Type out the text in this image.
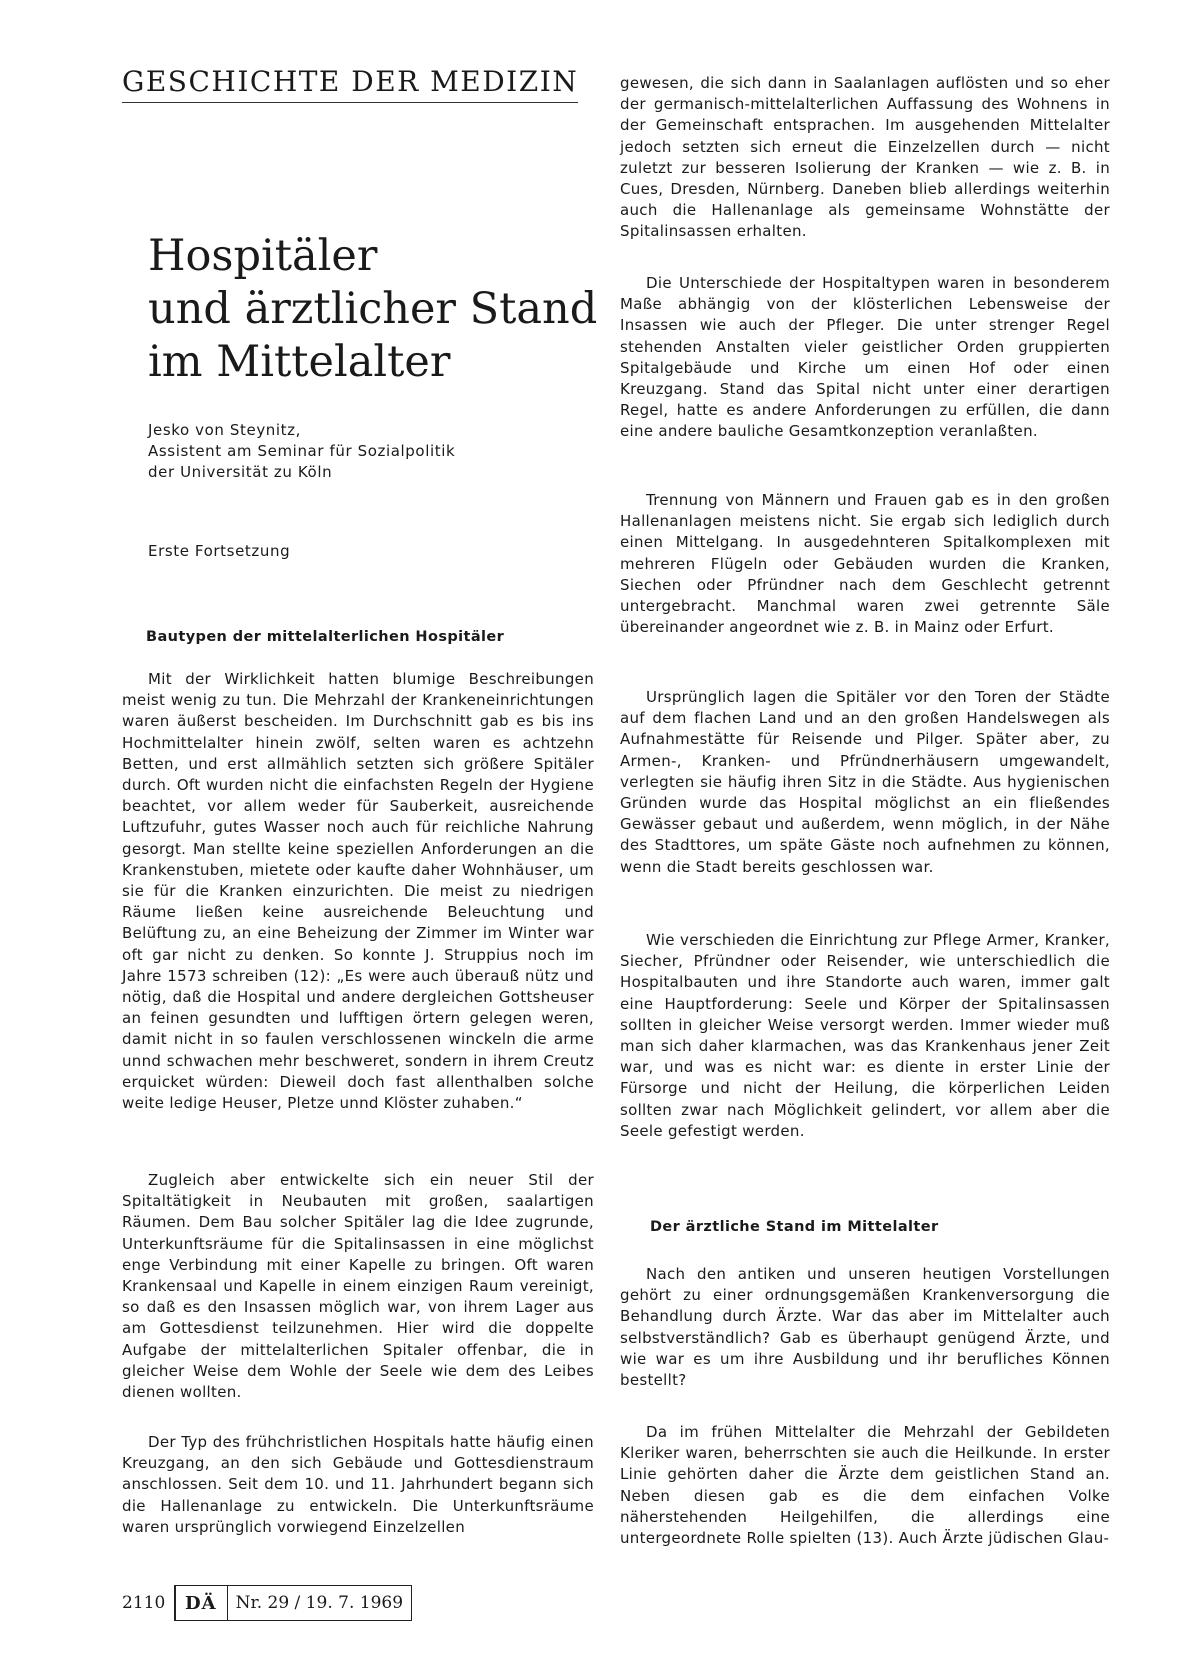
GESCHICHTE DER MEDIZIN
Hospitäler
und ärztlicher Stand
im Mittelalter
Jesko von Steynitz,
Assistent am Seminar für Sozialpolitik
der Universität zu Köln
Erste Fortsetzung
Bautypen der mittelalterlichen Hospitäler

Mit der Wirklichkeit hatten blumige Beschreibungen meist wenig zu tun. Die Mehrzahl der Krankeneinrichtungen waren äußerst bescheiden. Im Durchschnitt gab es bis ins Hochmittelalter hinein zwölf, selten waren es achtzehn Betten, und erst allmählich setzten sich größere Spitäler durch. Oft wurden nicht die einfachsten Regeln der Hygiene beachtet, vor allem weder für Sauberkeit, ausreichende Luftzufuhr, gutes Wasser noch auch für reichliche Nahrung gesorgt. Man stellte keine speziellen Anforderungen an die Krankenstuben, mietete oder kaufte daher Wohnhäuser, um sie für die Kranken einzurichten. Die meist zu niedrigen Räume ließen keine ausreichende Beleuchtung und Belüftung zu, an eine Beheizung der Zimmer im Winter war oft gar nicht zu denken. So konnte J. Struppius noch im Jahre 1573 schreiben (12): „Es were auch überauß nütz und nötig, daß die Hospital und andere dergleichen Gottsheuser an feinen gesundten und lufftigen örtern gelegen weren, damit nicht in so faulen verschlossenen winckeln die arme unnd schwachen mehr beschweret, sondern in ihrem Creutz erquicket würden: Dieweil doch fast allenthalben solche weite ledige Heuser, Pletze unnd Klöster zuhaben.“

Zugleich aber entwickelte sich ein neuer Stil der Spitaltätigkeit in Neubauten mit großen, saalartigen Räumen. Dem Bau solcher Spitäler lag die Idee zugrunde, Unterkunftsräume für die Spitalinsassen in eine möglichst enge Verbindung mit einer Kapelle zu bringen. Oft waren Krankensaal und Kapelle in einem einzigen Raum vereinigt, so daß es den Insassen möglich war, von ihrem Lager aus am Gottesdienst teilzunehmen. Hier wird die doppelte Aufgabe der mittelalterlichen Spitaler offenbar, die in gleicher Weise dem Wohle der Seele wie dem des Leibes dienen wollten.

Der Typ des frühchristlichen Hospitals hatte häufig einen Kreuzgang, an den sich Gebäude und Gottesdienstraum anschlossen. Seit dem 10. und 11. Jahrhundert begann sich die Hallenanlage zu entwickeln. Die Unterkunftsräume waren ursprünglich vorwiegend Einzelzellen

gewesen, die sich dann in Saalanlagen auflösten und so eher der germanisch-mittelalterlichen Auffassung des Wohnens in der Gemeinschaft entsprachen. Im ausgehenden Mittelalter jedoch setzten sich erneut die Einzelzellen durch — nicht zuletzt zur besseren Isolierung der Kranken — wie z. B. in Cues, Dresden, Nürnberg. Daneben blieb allerdings weiterhin auch die Hallenanlage als gemeinsame Wohnstätte der Spitalinsassen erhalten.

Die Unterschiede der Hospitaltypen waren in besonderem Maße abhängig von der klösterlichen Lebensweise der Insassen wie auch der Pfleger. Die unter strenger Regel stehenden Anstalten vieler geistlicher Orden gruppierten Spitalgebäude und Kirche um einen Hof oder einen Kreuzgang. Stand das Spital nicht unter einer derartigen Regel, hatte es andere Anforderungen zu erfüllen, die dann eine andere bauliche Gesamtkonzeption veranlaßten.

Trennung von Männern und Frauen gab es in den großen Hallenanlagen meistens nicht. Sie ergab sich lediglich durch einen Mittelgang. In ausgedehnteren Spitalkomplexen mit mehreren Flügeln oder Gebäuden wurden die Kranken, Siechen oder Pfründner nach dem Geschlecht getrennt untergebracht. Manchmal waren zwei getrennte Säle übereinander angeordnet wie z. B. in Mainz oder Erfurt.

Ursprünglich lagen die Spitäler vor den Toren der Städte auf dem flachen Land und an den großen Handelswegen als Aufnahmestätte für Reisende und Pilger. Später aber, zu Armen-, Kranken- und Pfründnerhäusern umgewandelt, verlegten sie häufig ihren Sitz in die Städte. Aus hygienischen Gründen wurde das Hospital möglichst an ein fließendes Gewässer gebaut und außerdem, wenn möglich, in der Nähe des Stadttores, um späte Gäste noch aufnehmen zu können, wenn die Stadt bereits geschlossen war.

Wie verschieden die Einrichtung zur Pflege Armer, Kranker, Siecher, Pfründner oder Reisender, wie unterschiedlich die Hospitalbauten und ihre Standorte auch waren, immer galt eine Hauptforderung: Seele und Körper der Spitalinsassen sollten in gleicher Weise versorgt werden. Immer wieder muß man sich daher klarmachen, was das Krankenhaus jener Zeit war, und was es nicht war: es diente in erster Linie der Fürsorge und nicht der Heilung, die körperlichen Leiden sollten zwar nach Möglichkeit gelindert, vor allem aber die Seele gefestigt werden.

Der ärztliche Stand im Mittelalter

Nach den antiken und unseren heutigen Vorstellungen gehört zu einer ordnungsgemäßen Krankenversorgung die Behandlung durch Ärzte. War das aber im Mittelalter auch selbstverständlich? Gab es überhaupt genügend Ärzte, und wie war es um ihre Ausbildung und ihr berufliches Können bestellt?

Da im frühen Mittelalter die Mehrzahl der Gebildeten Kleriker waren, beherrschten sie auch die Heilkunde. In erster Linie gehörten daher die Ärzte dem geistlichen Stand an. Neben diesen gab es die dem einfachen Volke näherstehenden Heilgehilfen, die allerdings eine untergeordnete Rolle spielten (13). Auch Ärzte jüdischen Glau-

2110	DÄ	Nr. 29 / 19. 7. 1969
